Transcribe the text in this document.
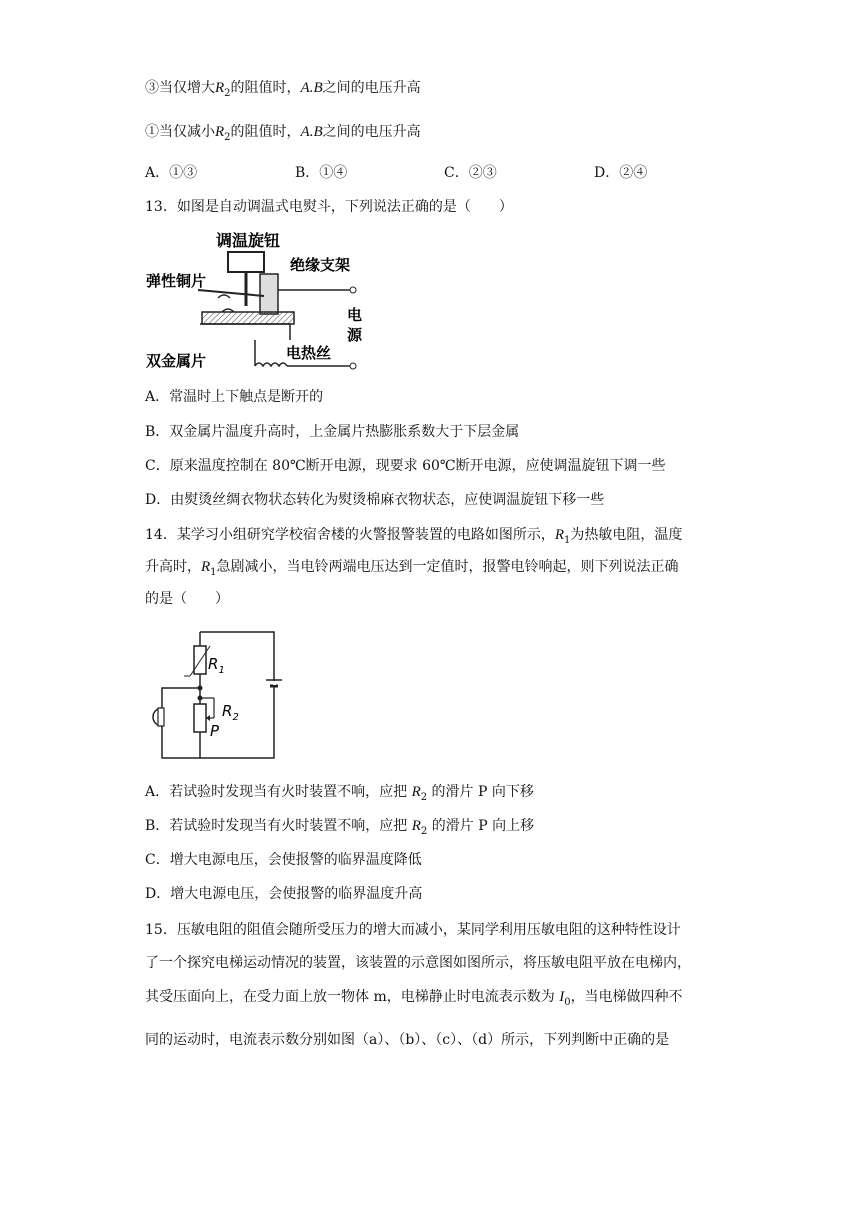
③当仅增大$R_2$的阻值时，A.B之间的电压升高
①当仅减小$R_2$的阻值时，A.B之间的电压升高
A．①③	B．①④	C．②③	D．②④
13．如图是自动调温式电熨斗，下列说法正确的是（　　）
调温旋钮
弹性铜片
绝缘支架
电
源
双金属片	电热丝
A．常温时上下触点是断开的
B．双金属片温度升高时，上金属片热膨胀系数大于下层金属
C．原来温度控制在 80℃断开电源，现要求 60℃断开电源，应使调温旋钮下调一些
D．由熨烫丝绸衣物状态转化为熨烫棉麻衣物状态，应使调温旋钮下移一些
14．某学习小组研究学校宿舍楼的火警报警装置的电路如图所示，$R_1$为热敏电阻，温度
升高时，$R_1$急剧减小，当电铃两端电压达到一定值时，报警电铃响起，则下列说法正确
的是（　　）
$R_1$
$R_2$
P
A．若试验时发现当有火时装置不响，应把 $R_2$ 的滑片 P 向下移
B．若试验时发现当有火时装置不响，应把 $R_2$ 的滑片 P 向上移
C．增大电源电压，会使报警的临界温度降低
D．增大电源电压，会使报警的临界温度升高
15．压敏电阻的阻值会随所受压力的增大而减小，某同学利用压敏电阻的这种特性设计
了一个探究电梯运动情况的装置，该装置的示意图如图所示，将压敏电阻平放在电梯内，
其受压面向上，在受力面上放一物体 m，电梯静止时电流表示数为 $I_0$，当电梯做四种不
同的运动时，电流表示数分别如图（a）、（b）、（c）、（d）所示，下列判断中正确的是
